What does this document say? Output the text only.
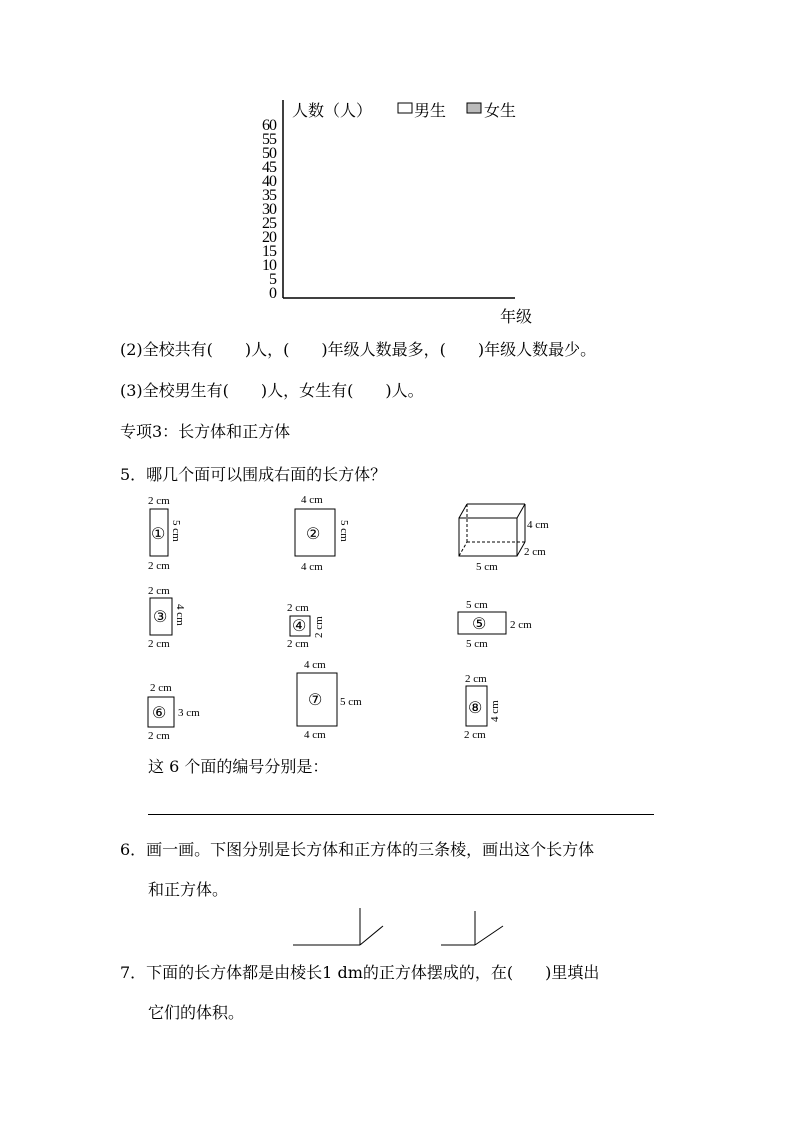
人数（人）	男生 女生
60
55
50
45
40
35
30
25
20
15
10
5
0
年级
(2)全校共有(　　)人，(　　)年级人数最多，(　　)年级人数最少。
(3)全校男生有(　　)人，女生有(　　)人。
专项3：长方体和正方体
5．哪几个面可以围成右面的长方体？
2 cm
① 5 cm
2 cm
4 cm
② 5 cm
4 cm
4 cm
2 cm
5 cm
2 cm
③ 4 cm
2 cm
2 cm
④ 2 cm
2 cm
5 cm
⑤ 2 cm
5 cm
2 cm
⑥ 3 cm
2 cm
4 cm
⑦ 5 cm
4 cm
2 cm
⑧ 4 cm
2 cm
这 6 个面的编号分别是：
6．画一画。下图分别是长方体和正方体的三条棱，画出这个长方体
和正方体。
7．下面的长方体都是由棱长1 dm的正方体摆成的，在(　　)里填出
它们的体积。
